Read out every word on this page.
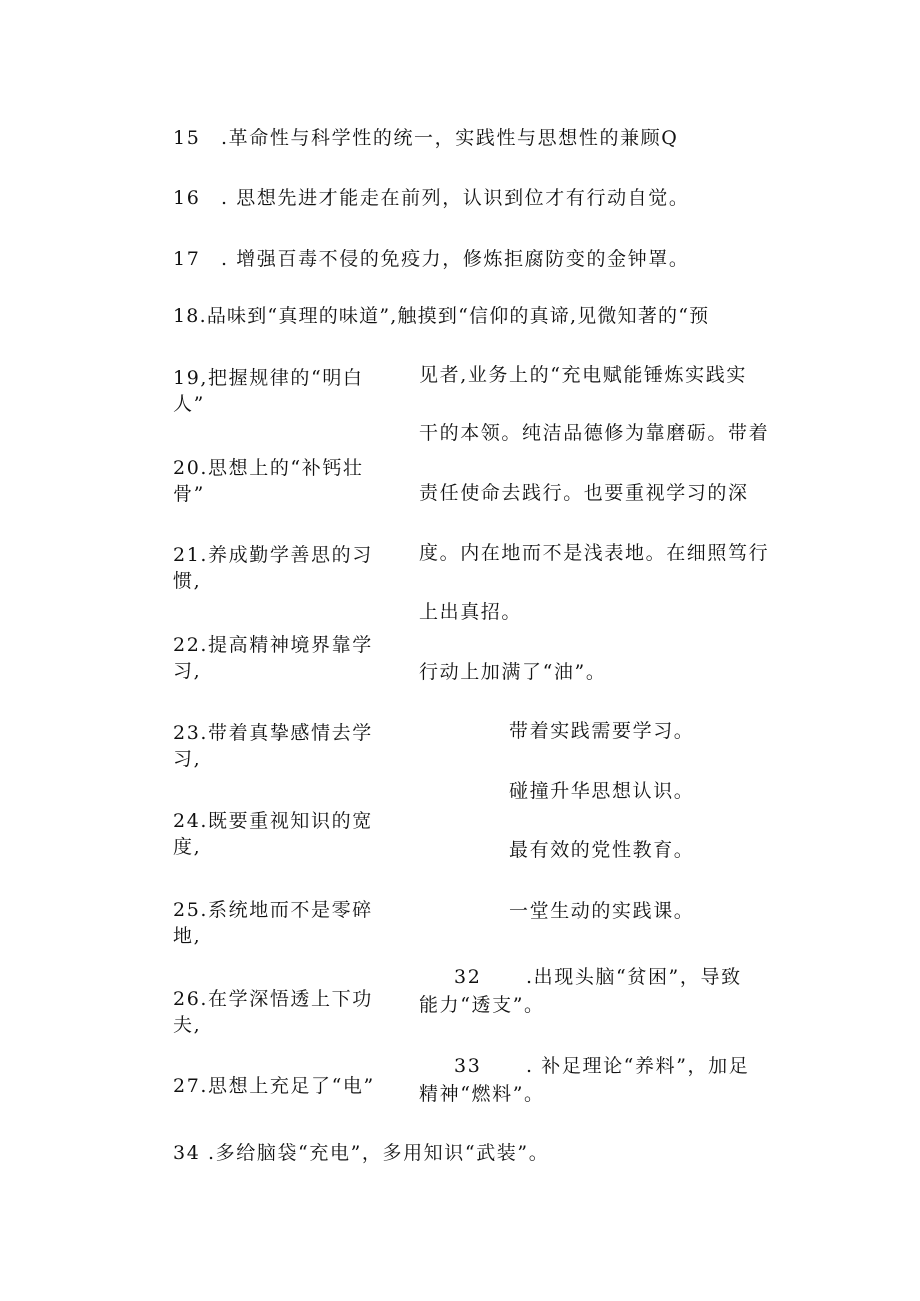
15 .革命性与科学性的统一，实践性与思想性的兼顾Q
16 . 思想先进才能走在前列，认识到位才有行动自觉。
17 . 增强百毒不侵的免疫力，修炼拒腐防变的金钟罩。
18.品味到“真理的味道”,触摸到“信仰的真谛,见微知著的“预
19,把握规律的“明白人”
20.思想上的“补钙壮骨”
21.养成勤学善思的习惯,
22.提高精神境界靠学习,
23.带着真挚感情去学习,
24.既要重视知识的宽度,
25.系统地而不是零碎地,
26.在学深悟透上下功夫,
27.思想上充足了“电”
见者,业务上的“充电赋能锤炼实践实
干的本领。纯洁品德修为靠磨砺。带着
责任使命去践行。也要重视学习的深
度。内在地而不是浅表地。在细照笃行
上出真招。
行动上加满了“油”。
带着实践需要学习。
碰撞升华思想认识。
最有效的党性教育。
一堂生动的实践课。
32 .出现头脑“贫困”，导致
能力“透支”。
33 . 补足理论“养料”，加足
精神“燃料”。
34 .多给脑袋“充电”，多用知识“武装”。
